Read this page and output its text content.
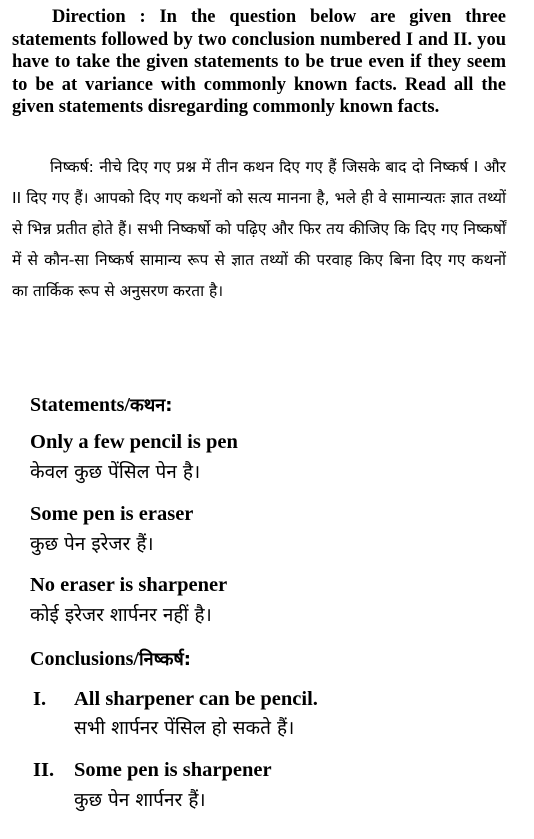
Direction : In the question below are given three statements followed by two conclusion numbered I and II. you have to take the given statements to be true even if they seem to be at variance with commonly known facts. Read all the given statements disregarding commonly known facts.

निष्कर्ष: नीचे दिए गए प्रश्न में तीन कथन दिए गए हैं जिसके बाद दो निष्कर्ष I और II दिए गए हैं। आपको दिए गए कथनों को सत्य मानना है, भले ही वे सामान्यतः ज्ञात तथ्यों से भिन्न प्रतीत होते हैं। सभी निष्कर्षो को पढ़िए और फिर तय कीजिए कि दिए गए निष्कर्षों में से कौन-सा निष्कर्ष सामान्य रूप से ज्ञात तथ्यों की परवाह किए बिना दिए गए कथनों का तार्किक रूप से अनुसरण करता है।

Statements/कथन:
Only a few pencil is pen
केवल कुछ पेंसिल पेन है।
Some pen is eraser
कुछ पेन इरेजर हैं।
No eraser is sharpener
कोई इरेजर शार्पनर नहीं है।
Conclusions/निष्कर्ष:
I. All sharpener can be pencil.
सभी शार्पनर पेंसिल हो सकते हैं।
II. Some pen is sharpener
कुछ पेन शार्पनर हैं।
